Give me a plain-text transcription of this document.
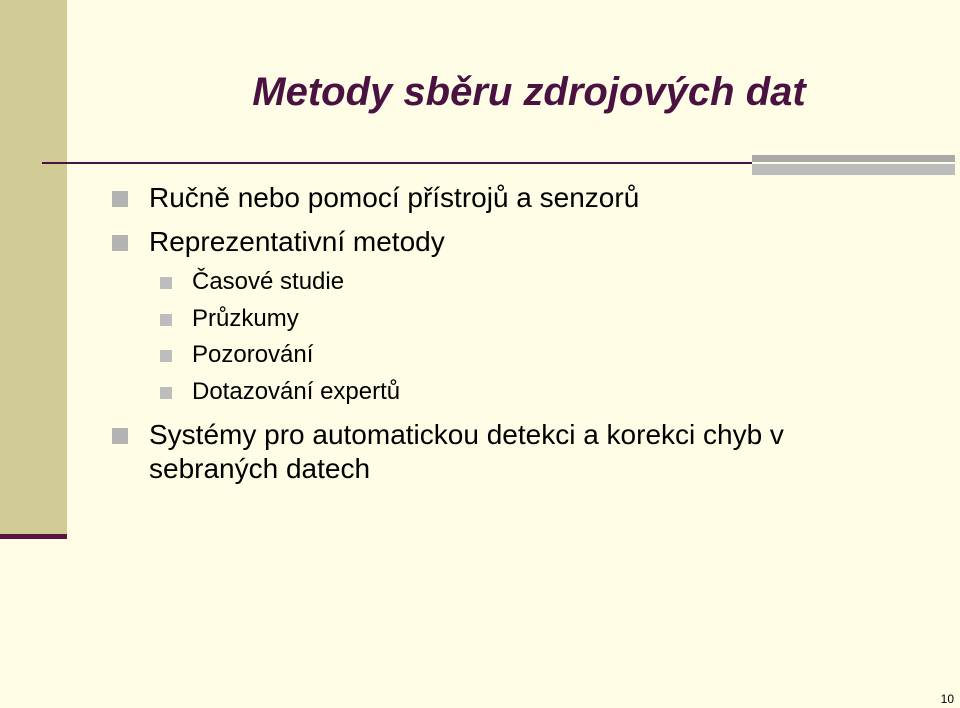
Metody sběru zdrojových dat
Ručně nebo pomocí přístrojů a senzorů
Reprezentativní metody
Časové studie
Průzkumy
Pozorování
Dotazování expertů
Systémy pro automatickou detekci a korekci chyb v
sebraných datech
10
